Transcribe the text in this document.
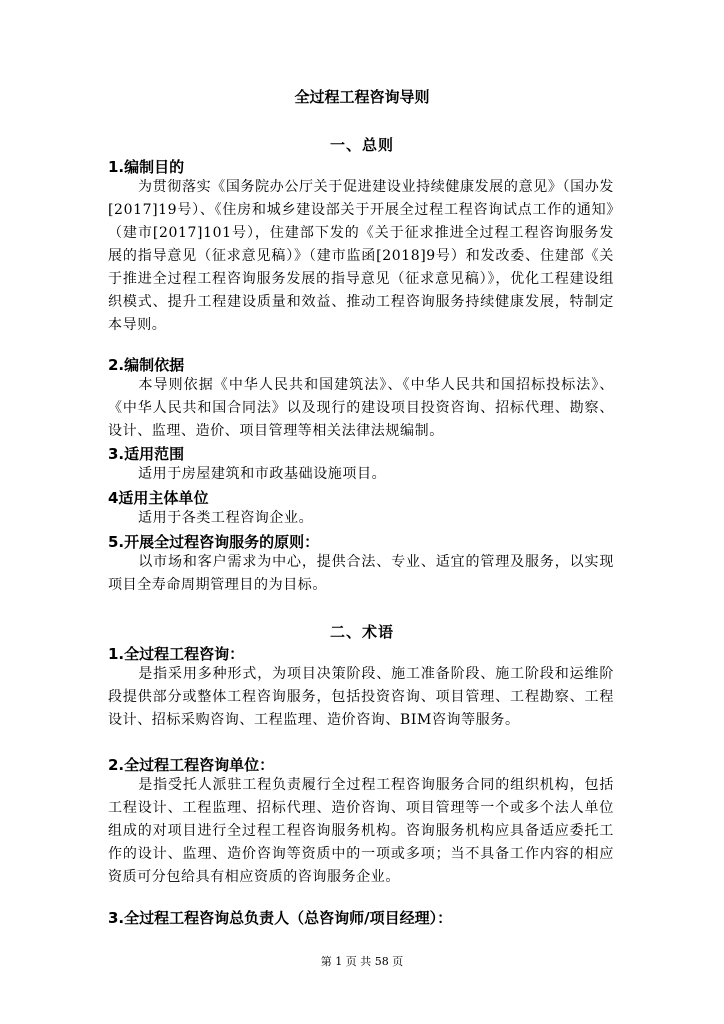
全过程工程咨询导则
一、总则
1.编制目的

为贯彻落实《国务院办公厅关于促进建设业持续健康发展的意见》（国办发[2017]19号）、《住房和城乡建设部关于开展全过程工程咨询试点工作的通知》（建市[2017]101号），住建部下发的《关于征求推进全过程工程咨询服务发展的指导意见（征求意见稿）》（建市监函[2018]9号）和发改委、住建部《关于推进全过程工程咨询服务发展的指导意见（征求意见稿）》，优化工程建设组织模式、提升工程建设质量和效益、推动工程咨询服务持续健康发展，特制定本导则。

2.编制依据

本导则依据《中华人民共和国建筑法》、《中华人民共和国招标投标法》、《中华人民共和国合同法》以及现行的建设项目投资咨询、招标代理、勘察、设计、监理、造价、项目管理等相关法律法规编制。

3.适用范围

适用于房屋建筑和市政基础设施项目。

4适用主体单位

适用于各类工程咨询企业。

5.开展全过程咨询服务的原则：

以市场和客户需求为中心，提供合法、专业、适宜的管理及服务，以实现项目全寿命周期管理目的为目标。

二、术语
1.全过程工程咨询：

是指采用多种形式，为项目决策阶段、施工准备阶段、施工阶段和运维阶段提供部分或整体工程咨询服务，包括投资咨询、项目管理、工程勘察、工程设计、招标采购咨询、工程监理、造价咨询、BIM咨询等服务。

2.全过程工程咨询单位：

是指受托人派驻工程负责履行全过程工程咨询服务合同的组织机构，包括工程设计、工程监理、招标代理、造价咨询、项目管理等一个或多个法人单位组成的对项目进行全过程工程咨询服务机构。咨询服务机构应具备适应委托工作的设计、监理、造价咨询等资质中的一项或多项；当不具备工作内容的相应资质可分包给具有相应资质的咨询服务企业。

3.全过程工程咨询总负责人（总咨询师/项目经理）：
第 1 页 共 58 页
